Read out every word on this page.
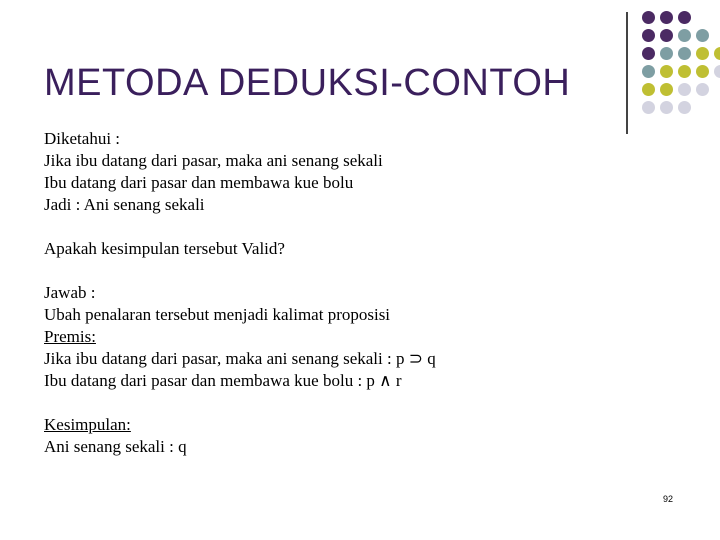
METODA DEDUKSI-CONTOH
Diketahui :
Jika ibu datang dari pasar, maka ani senang sekali
Ibu datang dari pasar dan membawa kue bolu
Jadi : Ani senang sekali
Apakah kesimpulan tersebut Valid?
Jawab :
Ubah penalaran tersebut menjadi kalimat proposisi
Premis:
Jika ibu datang dari pasar, maka ani senang sekali : p ⊃ q
Ibu datang dari pasar dan membawa kue bolu : p ∧ r
Kesimpulan:
Ani senang sekali : q
92
